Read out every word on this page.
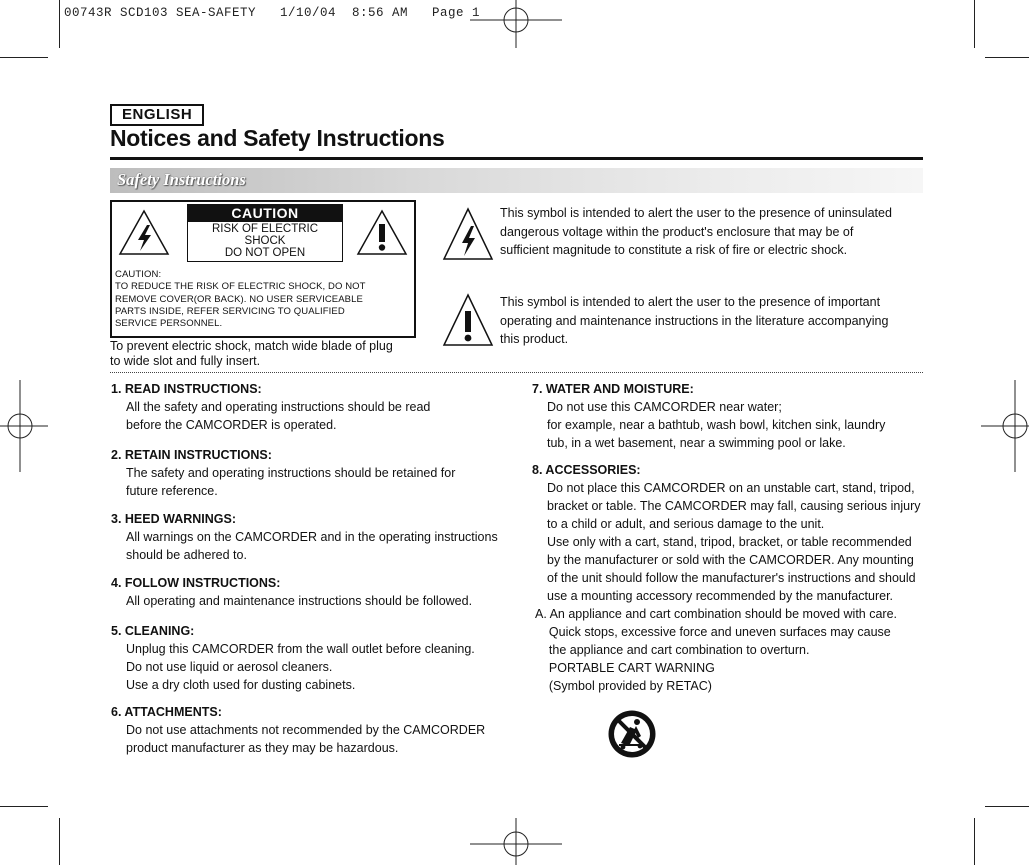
00743R SCD103 SEA-SAFETY   1/10/04  8:56 AM   Page 1
ENGLISH
Notices and Safety Instructions
Safety Instructions
CAUTION
RISK OF ELECTRIC
SHOCK
DO NOT OPEN
CAUTION:
TO REDUCE THE RISK OF ELECTRIC SHOCK, DO NOT
REMOVE COVER(OR BACK). NO USER SERVICEABLE
PARTS INSIDE, REFER SERVICING TO QUALIFIED
SERVICE PERSONNEL.
To prevent electric shock, match wide blade of plug
to wide slot and fully insert.
This symbol is intended to alert the user to the presence of uninsulated
dangerous voltage within the product's enclosure that may be of
sufficient magnitude to constitute a risk of fire or electric shock.
This symbol is intended to alert the user to the presence of important
operating and maintenance instructions in the literature accompanying
this product.
1. READ INSTRUCTIONS:
All the safety and operating instructions should be read
before the CAMCORDER is operated.
2. RETAIN INSTRUCTIONS:
The safety and operating instructions should be retained for
future reference.
3. HEED WARNINGS:
All warnings on the CAMCORDER and in the operating instructions
should be adhered to.
4. FOLLOW INSTRUCTIONS:
All operating and maintenance instructions should be followed.
5. CLEANING:
Unplug this CAMCORDER from the wall outlet before cleaning.
Do not use liquid or aerosol cleaners.
Use a dry cloth used for dusting cabinets.
6. ATTACHMENTS:
Do not use attachments not recommended by the CAMCORDER
product manufacturer as they may be hazardous.
7. WATER AND MOISTURE:
Do not use this CAMCORDER near water;
for example, near a bathtub, wash bowl, kitchen sink, laundry
tub, in a wet basement, near a swimming pool or lake.
8. ACCESSORIES:
Do not place this CAMCORDER on an unstable cart, stand, tripod,
bracket or table. The CAMCORDER may fall, causing serious injury
to a child or adult, and serious damage to the unit.
Use only with a cart, stand, tripod, bracket, or table recommended
by the manufacturer or sold with the CAMCORDER. Any mounting
of the unit should follow the manufacturer's instructions and should
use a mounting accessory recommended by the manufacturer.
A. An appliance and cart combination should be moved with care.
Quick stops, excessive force and uneven surfaces may cause
the appliance and cart combination to overturn.
PORTABLE CART WARNING
(Symbol provided by RETAC)
